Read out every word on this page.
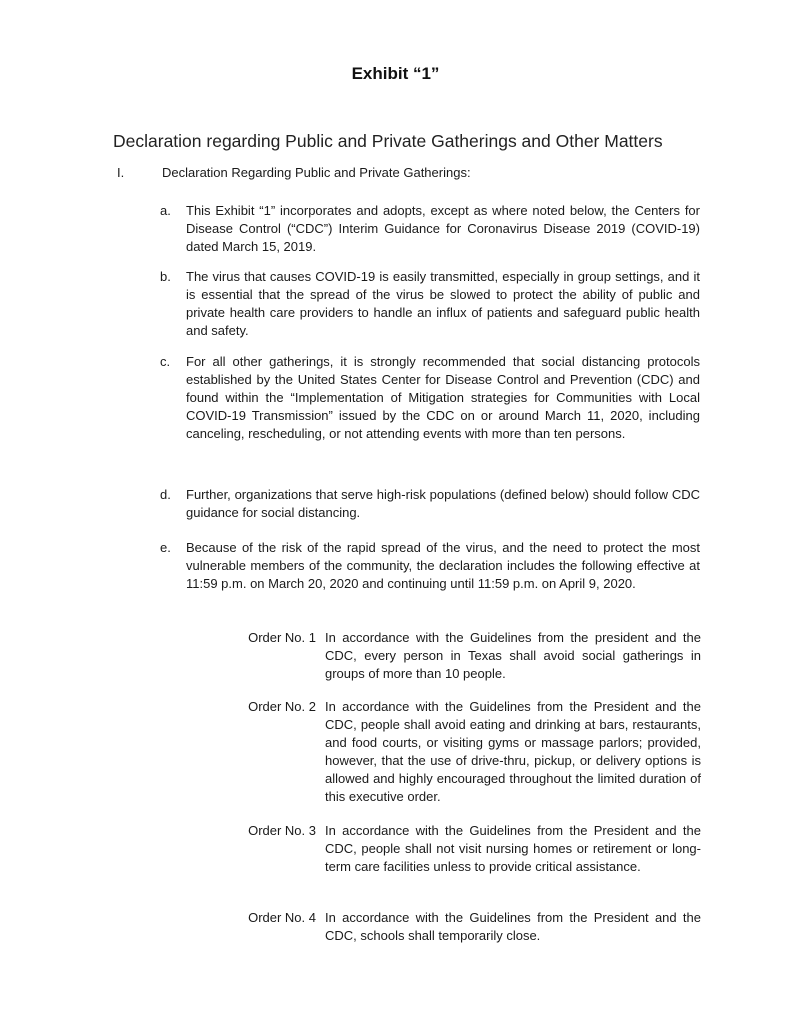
Exhibit “1”
Declaration regarding Public and Private Gatherings and Other Matters
I.	Declaration Regarding Public and Private Gatherings:
a.	This Exhibit “1” incorporates and adopts, except as where noted below, the Centers for Disease Control (“CDC”) Interim Guidance for Coronavirus Disease 2019 (COVID-19) dated March 15, 2019.
b.	The virus that causes COVID-19 is easily transmitted, especially in group settings, and it is essential that the spread of the virus be slowed to protect the ability of public and private health care providers to handle an influx of patients and safeguard public health and safety.
c.	For all other gatherings, it is strongly recommended that social distancing protocols established by the United States Center for Disease Control and Prevention (CDC) and found within the “Implementation of Mitigation strategies for Communities with Local COVID-19 Transmission” issued by the CDC on or around March 11, 2020, including canceling, rescheduling, or not attending events with more than ten persons.
d.	Further, organizations that serve high-risk populations (defined below) should follow CDC guidance for social distancing.
e.	Because of the risk of the rapid spread of the virus, and the need to protect the most vulnerable members of the community, the declaration includes the following effective at 11:59 p.m. on March 20, 2020 and continuing until 11:59 p.m. on April 9, 2020.
Order No. 1 In accordance with the Guidelines from the president and the CDC, every person in Texas shall avoid social gatherings in groups of more than 10 people.
Order No. 2 In accordance with the Guidelines from the President and the CDC, people shall avoid eating and drinking at bars, restaurants, and food courts, or visiting gyms or massage parlors; provided, however, that the use of drive-thru, pickup, or delivery options is allowed and highly encouraged throughout the limited duration of this executive order.
Order No. 3 In accordance with the Guidelines from the President and the CDC, people shall not visit nursing homes or retirement or long-term care facilities unless to provide critical assistance.
Order No. 4 In accordance with the Guidelines from the President and the CDC, schools shall temporarily close.
